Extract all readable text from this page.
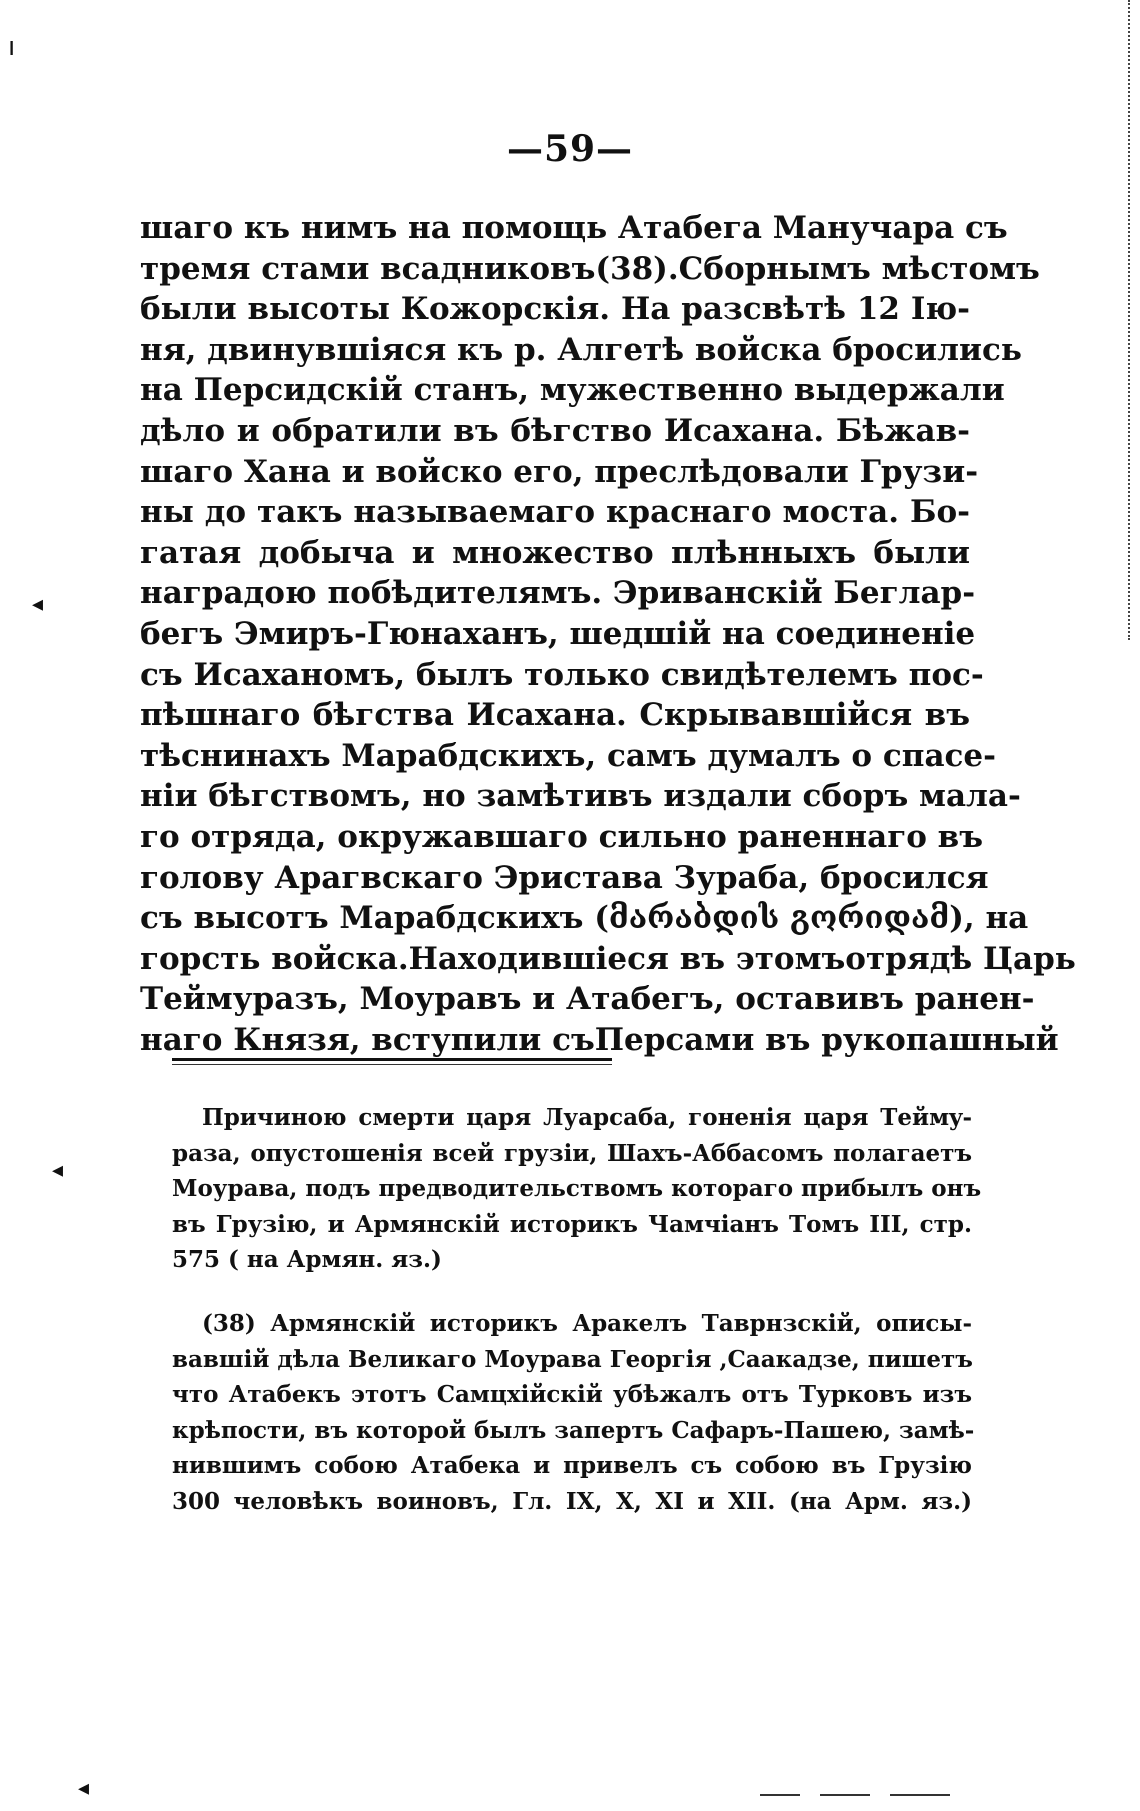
ı
◂
◂
◂
—59—
шаго къ нимъ на помощь Атабега Манучара съ
тремя стами всадниковъ(38).Сборнымъ мѣстомъ
были высоты Кожорскія. На разсвѣтѣ 12 Ію-
ня, двинувшіяся къ р. Алгетѣ войска бросились
на Персидскій станъ, мужественно выдержали
дѣло и обратили въ бѣгство Исахана. Бѣжав-
шаго Хана и войско его, преслѣдовали Грузи-
ны до такъ называемаго краснаго моста. Бо-
гатая добыча и множество плѣнныхъ были
наградою побѣдителямъ. Эриванскій Беглар-
бегъ Эмиръ-Гюнаханъ, шедшій на соединеніе
съ Исаханомъ, былъ только свидѣтелемъ пос-
пѣшнаго бѣгства Исахана. Скрывавшійся въ
тѣснинахъ Марабдскихъ, самъ думалъ о спасе-
ніи бѣгствомъ, но замѣтивъ издали сборъ мала-
го отряда, окружавшаго сильно раненнаго въ
голову Арагвскаго Эристава Зураба, бросился
съ высотъ Марабдскихъ (მარაბდის გორიდამ), на
горсть войска.Находившіеся въ этомъотрядѣ Царь
Теймуразъ, Моуравъ и Атабегъ, оставивъ ранен-
наго Князя, вступили съПерсами въ рукопашный
Причиною смерти царя Луарсаба, гоненія царя Теймy-
раза, опустошенія всей грузіи, Шахъ-Аббасомъ полагаетъ
Моурава, подъ предводительствомъ котораго прибылъ онъ
въ Грузію, и Армянскій историкъ Чамчіанъ Томъ III, стр.
575 ( на Армян. яз.)
(38) Армянскій историкъ Аракелъ Таврнзскій, описы-
вавшій дѣла Великаго Моурава Георгія ,Саакадзе, пишетъ
что Атабекъ этотъ Самцхійскій убѣжалъ отъ Турковъ изъ
крѣпости, въ которой былъ запертъ Сафаръ-Пашею, замѣ-
нившимъ собою Атабека и привелъ съ собою въ Грузію
300 человѣкъ воиновъ, Гл. IX, X, XI и XII. (на Арм. яз.)
